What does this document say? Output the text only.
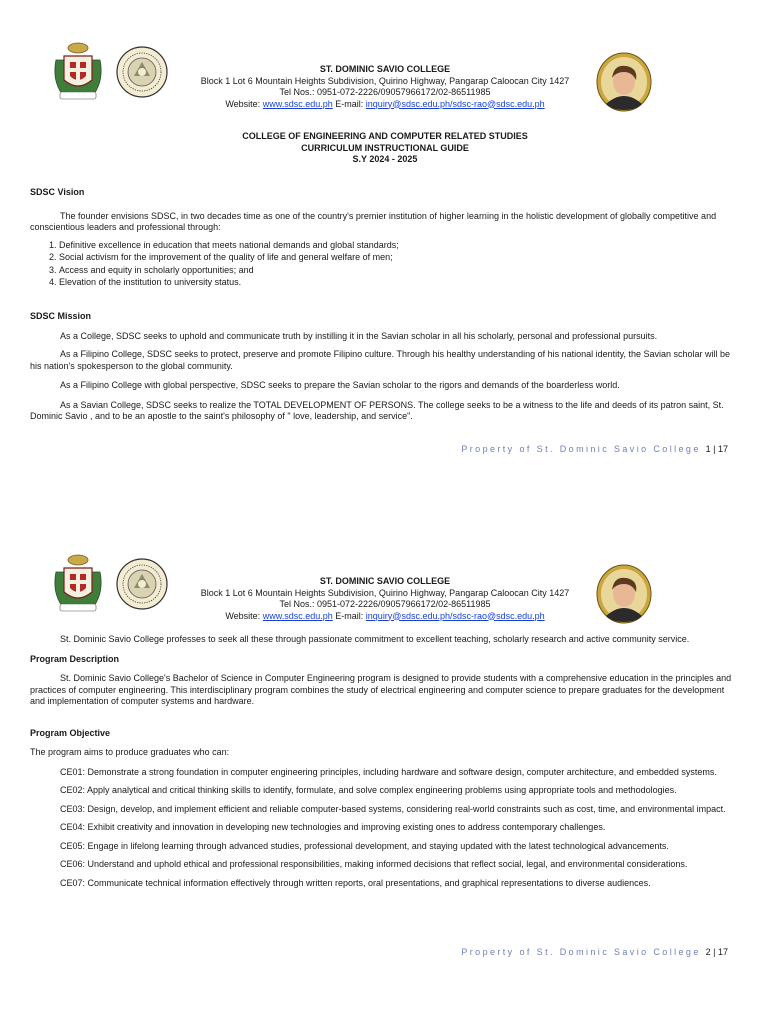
ST. DOMINIC SAVIO COLLEGE
Block 1 Lot 6 Mountain Heights Subdivision, Quirino Highway, Pangarap Caloocan City 1427
Tel Nos.: 0951-072-2226/09057966172/02-86511985
Website: www.sdsc.edu.ph E-mail: inquiry@sdsc.edu.ph/sdsc-rao@sdsc.edu.ph
COLLEGE OF ENGINEERING AND COMPUTER RELATED STUDIES
CURRICULUM INSTRUCTIONAL GUIDE
S.Y 2024 - 2025

SDSC Vision

The founder envisions SDSC, in two decades time as one of the country's premier institution of higher learning in the holistic development of globally competitive and conscientious leaders and professional through:

1. Definitive excellence in education that meets national demands and global standards;
2. Social activism for the improvement of the quality of life and general welfare of men;
3. Access and equity in scholarly opportunities; and
4. Elevation of the institution to university status.

SDSC Mission

As a College, SDSC seeks to uphold and communicate truth by instilling it in the Savian scholar in all his scholarly, personal and professional pursuits.

As a Filipino College, SDSC seeks to protect, preserve and promote Filipino culture. Through his healthy understanding of his national identity, the Savian scholar will be his nation's spokesperson to the global community.

As a Filipino College with global perspective, SDSC seeks to prepare the Savian scholar to the rigors and demands of the boarderless world.

As a Savian College, SDSC seeks to realize the TOTAL DEVELOPMENT OF PERSONS. The college seeks to be a witness to the life and deeds of its patron saint, St. Dominic Savio , and to be an apostle to the saint's philosophy of " love, leadership, and service".

Property of St. Dominic Savio College 1 | 17
ST. DOMINIC SAVIO COLLEGE
Block 1 Lot 6 Mountain Heights Subdivision, Quirino Highway, Pangarap Caloocan City 1427
Tel Nos.: 0951-072-2226/09057966172/02-86511985
Website: www.sdsc.edu.ph E-mail: inquiry@sdsc.edu.ph/sdsc-rao@sdsc.edu.ph

St. Dominic Savio College professes to seek all these through passionate commitment to excellent teaching, scholarly research and active community service.

Program Description

St. Dominic Savio College's Bachelor of Science in Computer Engineering program is designed to provide students with a comprehensive education in the principles and practices of computer engineering. This interdisciplinary program combines the study of electrical engineering and computer science to prepare graduates for the development and implementation of computer systems and hardware.

Program Objective

The program aims to produce graduates who can:

CE01: Demonstrate a strong foundation in computer engineering principles, including hardware and software design, computer architecture, and embedded systems.

CE02: Apply analytical and critical thinking skills to identify, formulate, and solve complex engineering problems using appropriate tools and methodologies.

CE03: Design, develop, and implement efficient and reliable computer-based systems, considering real-world constraints such as cost, time, and environmental impact.

CE04: Exhibit creativity and innovation in developing new technologies and improving existing ones to address contemporary challenges.

CE05: Engage in lifelong learning through advanced studies, professional development, and staying updated with the latest technological advancements.

CE06: Understand and uphold ethical and professional responsibilities, making informed decisions that reflect social, legal, and environmental considerations.

CE07: Communicate technical information effectively through written reports, oral presentations, and graphical representations to diverse audiences.

Property of St. Dominic Savio College 2 | 17
